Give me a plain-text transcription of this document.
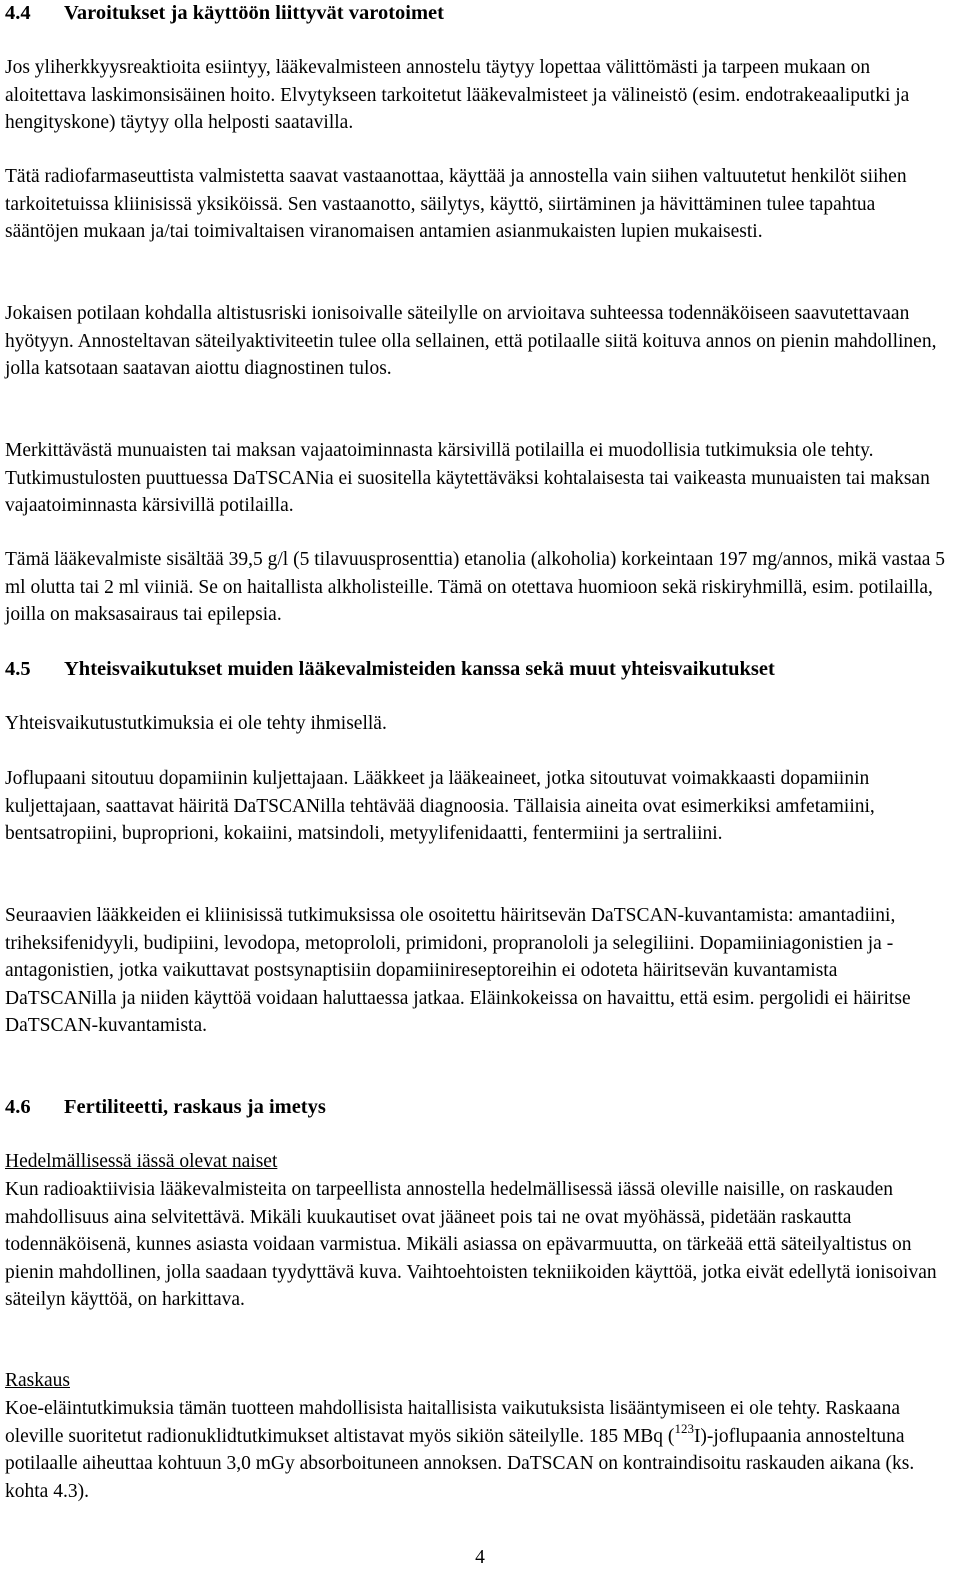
4.4	Varoitukset ja käyttöön liittyvät varotoimet

Jos yliherkkyysreaktioita esiintyy, lääkevalmisteen annostelu täytyy lopettaa välittömästi ja tarpeen mukaan on aloitettava laskimonsisäinen hoito. Elvytykseen tarkoitetut lääkevalmisteet ja välineistö (esim. endotrakeaaliputki ja hengityskone) täytyy olla helposti saatavilla.

Tätä radiofarmaseuttista valmistetta saavat vastaanottaa, käyttää ja annostella vain siihen valtuutetut henkilöt siihen tarkoitetuissa kliinisissä yksiköissä. Sen vastaanotto, säilytys, käyttö, siirtäminen ja hävittäminen tulee tapahtua sääntöjen mukaan ja/tai toimivaltaisen viranomaisen antamien asianmukaisten lupien mukaisesti.

Jokaisen potilaan kohdalla altistusriski ionisoivalle säteilylle on arvioitava suhteessa todennäköiseen saavutettavaan hyötyyn. Annosteltavan säteilyaktiviteetin tulee olla sellainen, että potilaalle siitä koituva annos on pienin mahdollinen, jolla katsotaan saatavan aiottu diagnostinen tulos.

Merkittävästä munuaisten tai maksan vajaatoiminnasta kärsivillä potilailla ei muodollisia tutkimuksia ole tehty. Tutkimustulosten puuttuessa DaTSCANia ei suositella käytettäväksi kohtalaisesta tai vaikeasta munuaisten tai maksan vajaatoiminnasta kärsivillä potilailla.

Tämä lääkevalmiste sisältää 39,5 g/l (5 tilavuusprosenttia) etanolia (alkoholia) korkeintaan 197 mg/annos, mikä vastaa 5 ml olutta tai 2 ml viiniä. Se on haitallista alkholisteille. Tämä on otettava huomioon sekä riskiryhmillä, esim. potilailla, joilla on maksasairaus tai epilepsia.

4.5	Yhteisvaikutukset muiden lääkevalmisteiden kanssa sekä muut yhteisvaikutukset

Yhteisvaikutustutkimuksia ei ole tehty ihmisellä.

Joflupaani sitoutuu dopamiinin kuljettajaan. Lääkkeet ja lääkeaineet, jotka sitoutuvat voimakkaasti dopamiinin kuljettajaan, saattavat häiritä DaTSCANilla tehtävää diagnoosia. Tällaisia aineita ovat esimerkiksi amfetamiini, bentsatropiini, buproprioni, kokaiini, matsindoli, metyylifenidaatti, fentermiini ja sertraliini.

Seuraavien lääkkeiden ei kliinisissä tutkimuksissa ole osoitettu häiritsevän DaTSCAN-kuvantamista: amantadiini, triheksifenidyyli, budipiini, levodopa, metoprololi, primidoni, propranololi ja selegiliini. Dopamiiniagonistien ja -antagonistien, jotka vaikuttavat postsynaptisiin dopamiinireseptoreihin ei odoteta häiritsevän kuvantamista DaTSCANilla ja niiden käyttöä voidaan haluttaessa jatkaa. Eläinkokeissa on havaittu, että esim. pergolidi ei häiritse DaTSCAN-kuvantamista.

4.6	Fertiliteetti, raskaus ja imetys

Hedelmällisessä iässä olevat naiset

Kun radioaktiivisia lääkevalmisteita on tarpeellista annostella hedelmällisessä iässä oleville naisille, on raskauden mahdollisuus aina selvitettävä. Mikäli kuukautiset ovat jääneet pois tai ne ovat myöhässä, pidetään raskautta todennäköisenä, kunnes asiasta voidaan varmistua. Mikäli asiassa on epävarmuutta, on tärkeää että säteilyaltistus on pienin mahdollinen, jolla saadaan tyydyttävä kuva. Vaihtoehtoisten tekniikoiden käyttöä, jotka eivät edellytä ionisoivan säteilyn käyttöä, on harkittava.

Raskaus

Koe-eläintutkimuksia tämän tuotteen mahdollisista haitallisista vaikutuksista lisääntymiseen ei ole tehty. Raskaana oleville suoritetut radionuklidtutkimukset altistavat myös sikiön säteilylle. 185 MBq ($^{123}$I)-joflupaania annosteltuna potilaalle aiheuttaa kohtuun 3,0 mGy absorboituneen annoksen. DaTSCAN on kontraindisoitu raskauden aikana (ks. kohta 4.3).

4
